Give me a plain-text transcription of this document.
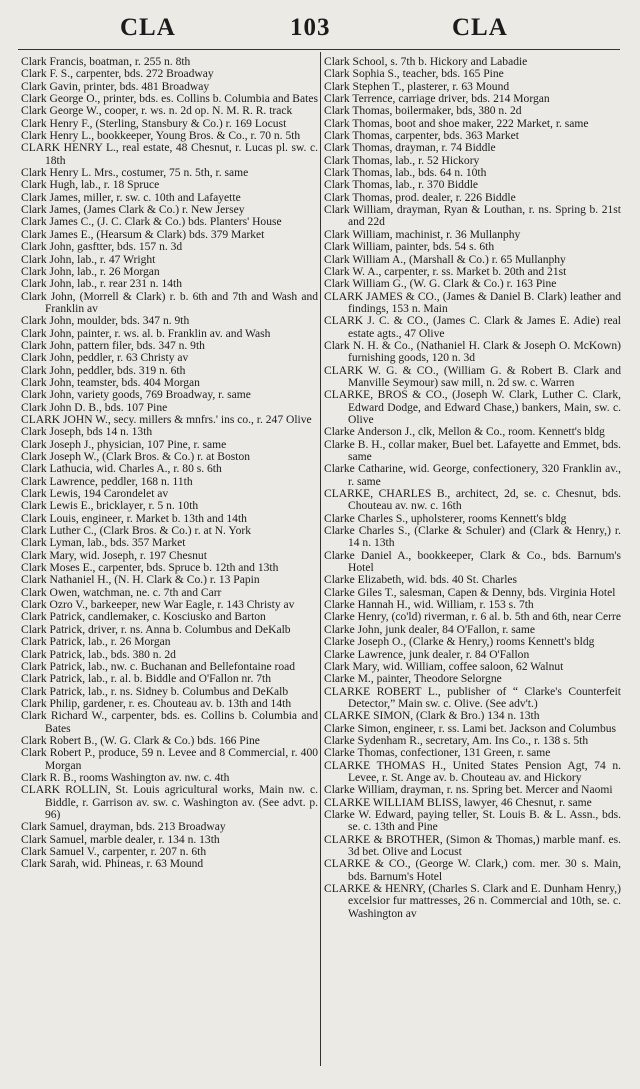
CLA	103	CLA
Clark Francis, boatman, r. 255 n. 8th
Clark F. S., carpenter, bds. 272 Broadway
Clark Gavin, printer, bds. 481 Broadway
Clark George O., printer, bds. es. Collins b. Columbia and Bates
Clark George W., cooper, r. ws. n. 2d op. N. M. R. R. track
Clark Henry F., (Sterling, Stansbury & Co.) r. 169 Locust
Clark Henry L., bookkeeper, Young Bros. & Co., r. 70 n. 5th
CLARK HENRY L., real estate, 48 Chesnut, r. Lucas pl. sw. c. 18th
Clark Henry L. Mrs., costumer, 75 n. 5th, r. same
Clark Hugh, lab., r. 18 Spruce
Clark James, miller, r. sw. c. 10th and Lafayette
Clark James, (James Clark & Co.) r. New Jersey
Clark James C., (J. C. Clark & Co.) bds. Planters' House
Clark James E., (Hearsum & Clark) bds. 379 Market
Clark John, gasftter, bds. 157 n. 3d
Clark John, lab., r. 47 Wright
Clark John, lab., r. 26 Morgan
Clark John, lab., r. rear 231 n. 14th
Clark John, (Morrell & Clark) r. b. 6th and 7th and Wash and Franklin av
Clark John, moulder, bds. 347 n. 9th
Clark John, painter, r. ws. al. b. Franklin av. and Wash
Clark John, pattern filer, bds. 347 n. 9th
Clark John, peddler, r. 63 Christy av
Clark John, peddler, bds. 319 n. 6th
Clark John, teamster, bds. 404 Morgan
Clark John, variety goods, 769 Broadway, r. same
Clark John D. B., bds. 107 Pine
CLARK JOHN W., secy. millers & mnfrs.' ins co., r. 247 Olive
Clark Joseph, bds 14 n. 13th
Clark Joseph J., physician, 107 Pine, r. same
Clark Joseph W., (Clark Bros. & Co.) r. at Boston
Clark Lathucia, wid. Charles A., r. 80 s. 6th
Clark Lawrence, peddler, 168 n. 11th
Clark Lewis, 194 Carondelet av
Clark Lewis E., bricklayer, r. 5 n. 10th
Clark Louis, engineer, r. Market b. 13th and 14th
Clark Luther C., (Clark Bros. & Co.) r. at N. York
Clark Lyman, lab., bds. 357 Market
Clark Mary, wid. Joseph, r. 197 Chesnut
Clark Moses E., carpenter, bds. Spruce b. 12th and 13th
Clark Nathaniel H., (N. H. Clark & Co.) r. 13 Papin
Clark Owen, watchman, ne. c. 7th and Carr
Clark Ozro V., barkeeper, new War Eagle, r. 143 Christy av
Clark Patrick, candlemaker, c. Kosciusko and Barton
Clark Patrick, driver, r. ns. Anna b. Columbus and DeKalb
Clark Patrick, lab., r. 26 Morgan
Clark Patrick, lab., bds. 380 n. 2d
Clark Patrick, lab., nw. c. Buchanan and Bellefontaine road
Clark Patrick, lab., r. al. b. Biddle and O'Fallon nr. 7th
Clark Patrick, lab., r. ns. Sidney b. Columbus and DeKalb
Clark Philip, gardener, r. es. Chouteau av. b. 13th and 14th
Clark Richard W., carpenter, bds. es. Collins b. Columbia and Bates
Clark Robert B., (W. G. Clark & Co.) bds. 166 Pine
Clark Robert P., produce, 59 n. Levee and 8 Commercial, r. 400 Morgan
Clark R. B., rooms Washington av. nw. c. 4th
CLARK ROLLIN, St. Louis agricultural works, Main nw. c. Biddle, r. Garrison av. sw. c. Washington av. (See advt. p. 96)
Clark Samuel, drayman, bds. 213 Broadway
Clark Samuel, marble dealer, r. 134 n. 13th
Clark Samuel V., carpenter, r. 207 n. 6th
Clark Sarah, wid. Phineas, r. 63 Mound
Clark School, s. 7th b. Hickory and Labadie
Clark Sophia S., teacher, bds. 165 Pine
Clark Stephen T., plasterer, r. 63 Mound
Clark Terrence, carriage driver, bds. 214 Morgan
Clark Thomas, boilermaker, bds, 380 n. 2d
Clark Thomas, boot and shoe maker, 222 Market, r. same
Clark Thomas, carpenter, bds. 363 Market
Clark Thomas, drayman, r. 74 Biddle
Clark Thomas, lab., r. 52 Hickory
Clark Thomas, lab., bds. 64 n. 10th
Clark Thomas, lab., r. 370 Biddle
Clark Thomas, prod. dealer, r. 226 Biddle
Clark William, drayman, Ryan & Louthan, r. ns. Spring b. 21st and 22d
Clark William, machinist, r. 36 Mullanphy
Clark William, painter, bds. 54 s. 6th
Clark William A., (Marshall & Co.) r. 65 Mullanphy
Clark W. A., carpenter, r. ss. Market b. 20th and 21st
Clark William G., (W. G. Clark & Co.) r. 163 Pine
CLARK JAMES & CO., (James & Daniel B. Clark) leather and findings, 153 n. Main
CLARK J. C. & CO., (James C. Clark & James E. Adie) real estate agts., 47 Olive
Clark N. H. & Co., (Nathaniel H. Clark & Joseph O. McKown) furnishing goods, 120 n. 3d
CLARK W. G. & CO., (William G. & Robert B. Clark and Manville Seymour) saw mill, n. 2d sw. c. Warren
CLARKE, BROS & CO., (Joseph W. Clark, Luther C. Clark, Edward Dodge, and Edward Chase,) bankers, Main, sw. c. Olive
Clarke Anderson J., clk, Mellon & Co., room. Kennett's bldg
Clarke B. H., collar maker, Buel bet. Lafayette and Emmet, bds. same
Clarke Catharine, wid. George, confectionery, 320 Franklin av., r. same
CLARKE, CHARLES B., architect, 2d, se. c. Chesnut, bds. Chouteau av. nw. c. 16th
Clarke Charles S., upholsterer, rooms Kennett's bldg
Clarke Charles S., (Clarke & Schuler) and (Clark & Henry,) r. 14 n. 13th
Clarke Daniel A., bookkeeper, Clark & Co., bds. Barnum's Hotel
Clarke Elizabeth, wid. bds. 40 St. Charles
Clarke Giles T., salesman, Capen & Denny, bds. Virginia Hotel
Clarke Hannah H., wid. William, r. 153 s. 7th
Clarke Henry, (co'ld) riverman, r. 6 al. b. 5th and 6th, near Cerre
Clarke John, junk dealer, 84 O'Fallon, r. same
Clarke Joseph O., (Clarke & Henry,) rooms Kennett's bldg
Clarke Lawrence, junk dealer, r. 84 O'Fallon
Clark Mary, wid. William, coffee saloon, 62 Walnut
Clarke M., painter, Theodore Selorgne
CLARKE ROBERT L., publisher of “ Clarke's Counterfeit Detector,” Main sw. c. Olive. (See adv't.)
CLARKE SIMON, (Clark & Bro.) 134 n. 13th
Clarke Simon, engineer, r. ss. Lami bet. Jackson and Columbus
Clarke Sydenham R., secretary, Am. Ins Co., r. 138 s. 5th
Clarke Thomas, confectioner, 131 Green, r. same
CLARKE THOMAS H., United States Pension Agt, 74 n. Levee, r. St. Ange av. b. Chouteau av. and Hickory
Clarke William, drayman, r. ns. Spring bet. Mercer and Naomi
CLARKE WILLIAM BLISS, lawyer, 46 Chesnut, r. same
Clarke W. Edward, paying teller, St. Louis B. & L. Assn., bds. se. c. 13th and Pine
CLARKE & BROTHER, (Simon & Thomas,) marble manf. es. 3d bet. Olive and Locust
CLARKE & CO., (George W. Clark,) com. mer. 30 s. Main, bds. Barnum's Hotel
CLARKE & HENRY, (Charles S. Clark and E. Dunham Henry,) excelsior fur mattresses, 26 n. Commercial and 10th, se. c. Washington av
